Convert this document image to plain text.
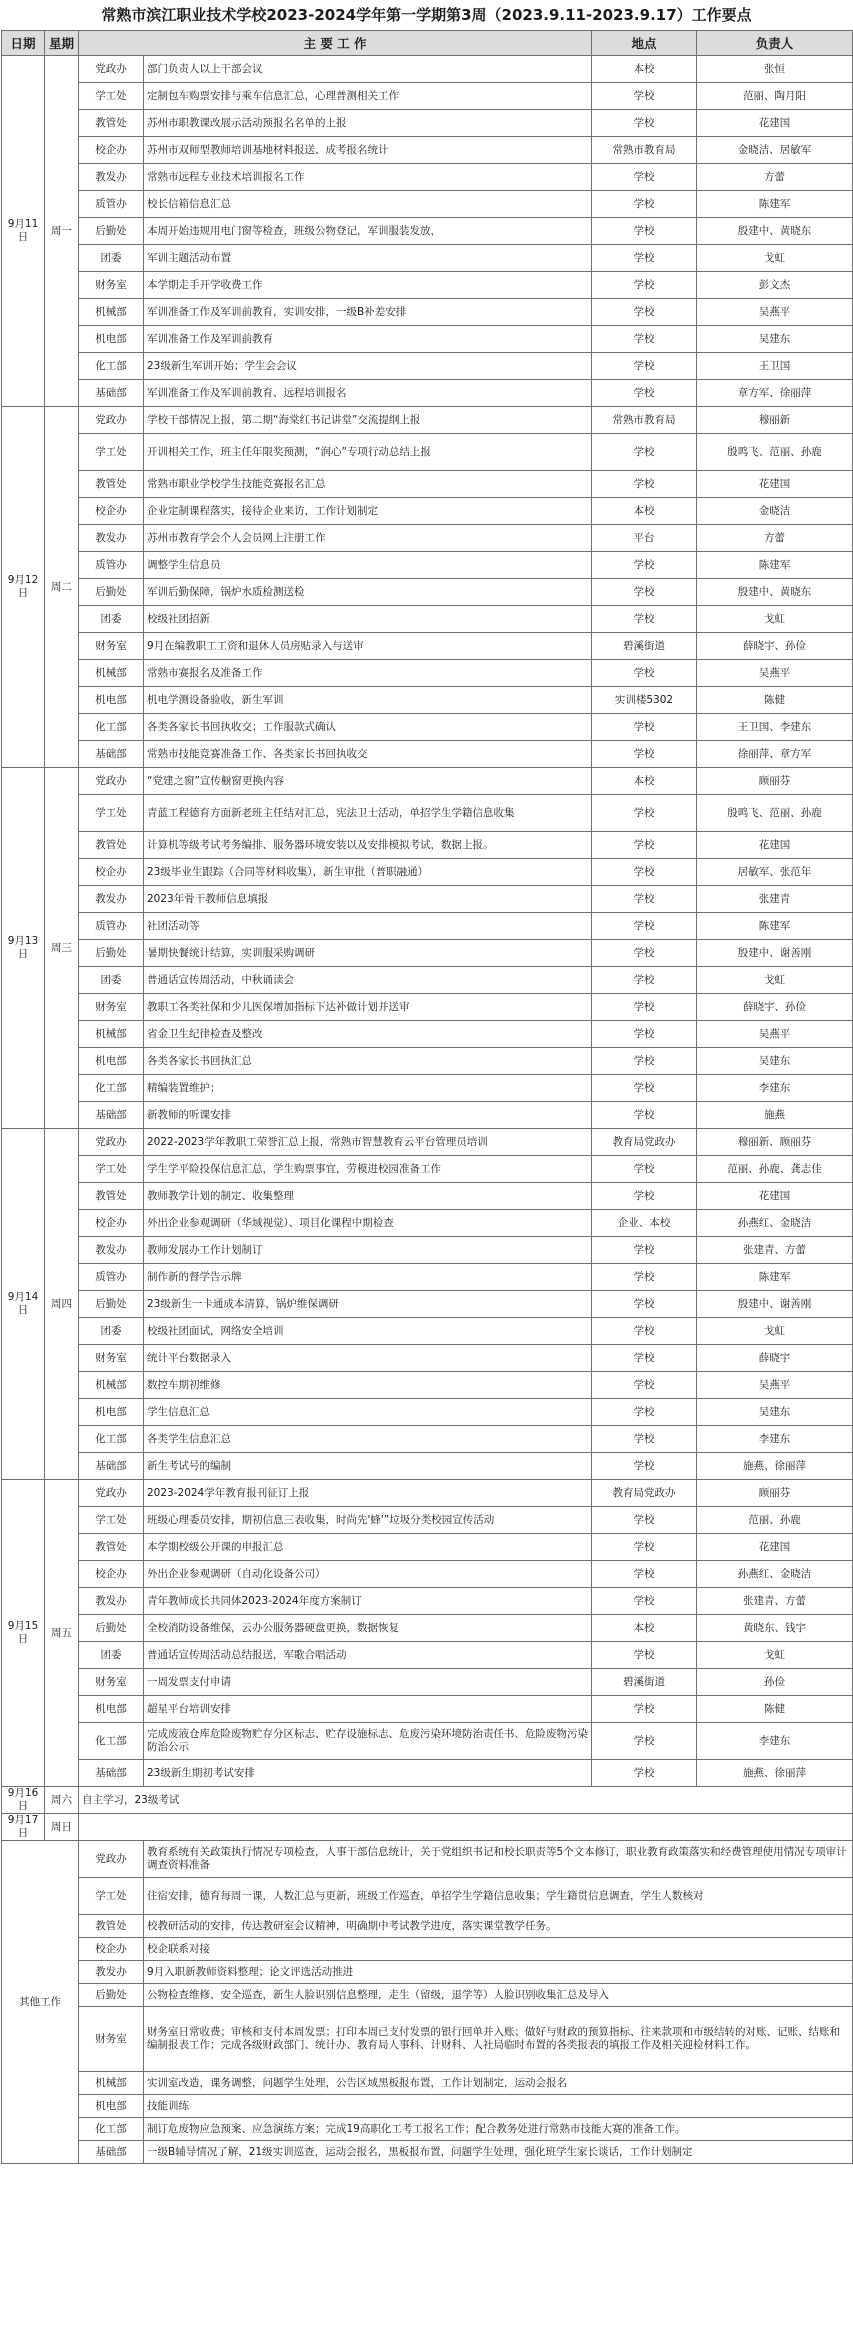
常熟市滨江职业技术学校2023-2024学年第一学期第3周（2023.9.11-2023.9.17）工作要点
日期	星期	主 要 工 作		地点	负责人
9月11日	周一	党政办	部门负责人以上干部会议	本校	张恒
		学工处	定制包车购票安排与乘车信息汇总，心理普测相关工作	学校	范丽、陶月阳
		教管处	苏州市职教课改展示活动预报名名单的上报	学校	花建国
		校企办	苏州市双师型教师培训基地材料报送、成考报名统计	常熟市教育局	金晓洁、居敏军
		教发办	常熟市远程专业技术培训报名工作	学校	方蕾
		质管办	校长信箱信息汇总	学校	陈建军
		后勤处	本周开始违规用电门窗等检查，班级公物登记，军训服装发放，	学校	殷建中、黄晓东
		团委	军训主题活动布置	学校	戈虹
		财务室	本学期走手开学收费工作	学校	彭文杰
		机械部	军训准备工作及军训前教育，实训安排，一级B补差安排	学校	吴燕平
		机电部	军训准备工作及军训前教育	学校	吴建东
		化工部	23级新生军训开始；学生会会议	学校	王卫国
		基础部	军训准备工作及军训前教育、远程培训报名	学校	章方军、徐丽萍
9月12日	周二	党政办	学校干部情况上报，第二期“海棠红书记讲堂”交流提纲上报	常熟市教育局	穆丽新
		学工处	开训相关工作，班主任年限奖预测，“润心”专项行动总结上报	学校	殷鸣飞、范丽、孙鹿
		教管处	常熟市职业学校学生技能竞赛报名汇总	学校	花建国
		校企办	企业定制课程落实，接待企业来访，工作计划制定	本校	金晓洁
		教发办	苏州市教育学会个人会员网上注册工作	平台	方蕾
		质管办	调整学生信息员	学校	陈建军
		后勤处	军训后勤保障，锅炉水质检测送检	学校	殷建中、黄晓东
		团委	校级社团招新	学校	戈虹
		财务室	9月在编教职工工资和退休人员房贴录入与送审	碧溪街道	薛晓宇、孙俭
		机械部	常熟市赛报名及准备工作	学校	吴燕平
		机电部	机电学测设备验收，新生军训	实训楼5302	陈健
		化工部	各类各家长书回执收交；工作服款式确认	学校	王卫国、李建东
		基础部	常熟市技能竞赛准备工作、各类家长书回执收交	学校	徐丽萍、章方军
9月13日	周三	党政办	“党建之窗”宣传橱窗更换内容	本校	顾丽芬
		学工处	青蓝工程德育方面新老班主任结对汇总，宪法卫士活动，单招学生学籍信息收集	学校	殷鸣飞、范丽、孙鹿
		教管处	计算机等级考试考务编排、服务器环境安装以及安排模拟考试，数据上报。	学校	花建国
		校企办	23级毕业生跟踪（合同等材料收集），新生审批（普职融通）	学校	居敏军、张范年
		教发办	2023年骨干教师信息填报	学校	张建青
		质管办	社团活动等	学校	陈建军
		后勤处	暑期快餐统计结算，实训服采购调研	学校	殷建中、谢善刚
		团委	普通话宣传周活动，中秋诵读会	学校	戈虹
		财务室	教职工各类社保和少儿医保增加指标下达补做计划并送审	学校	薛晓宇、孙俭
		机械部	省金卫生纪律检查及整改	学校	吴燕平
		机电部	各类各家长书回执汇总	学校	吴建东
		化工部	精编装置维护；	学校	李建东
		基础部	新教师的听课安排	学校	施燕
9月14日	周四	党政办	2022-2023学年教职工荣誉汇总上报，常熟市智慧教育云平台管理员培训	教育局党政办	穆丽新、顾丽芬
		学工处	学生学平险投保信息汇总，学生购票事宜，劳模进校园准备工作	学校	范丽、孙鹿、龚志佳
		教管处	教师教学计划的制定、收集整理	学校	花建国
		校企办	外出企业参观调研（华域视觉）、项目化课程中期检查	企业、本校	孙燕红、金晓洁
		教发办	教师发展办工作计划制订	学校	张建青、方蕾
		质管办	制作新的督学告示牌	学校	陈建军
		后勤处	23级新生一卡通成本清算，锅炉维保调研	学校	殷建中、谢善刚
		团委	校级社团面试，网络安全培训	学校	戈虹
		财务室	统计平台数据录入	学校	薛晓宇
		机械部	数控车期初维修	学校	吴燕平
		机电部	学生信息汇总	学校	吴建东
		化工部	各类学生信息汇总	学校	李建东
		基础部	新生考试号的编制	学校	施燕、徐丽萍
9月15日	周五	党政办	2023-2024学年教育报刊征订上报	教育局党政办	顾丽芬
		学工处	班级心理委员安排，期初信息三表收集，时尚先'蜂'”垃圾分类校园宣传活动	学校	范丽、孙鹿
		教管处	本学期校级公开课的申报汇总	学校	花建国
		校企办	外出企业参观调研（自动化设备公司）	学校	孙燕红、金晓洁
		教发办	青年教师成长共同体2023-2024年度方案制订	学校	张建青、方蕾
		后勤处	全校消防设备维保，云办公服务器硬盘更换，数据恢复	本校	黄晓东、钱宇
		团委	普通话宣传周活动总结报送，军歌合唱活动	学校	戈虹
		财务室	一周发票支付申请	碧溪街道	孙俭
		机电部	超星平台培训安排	学校	陈健
		化工部	完成废液仓库危险废物贮存分区标志、贮存设施标志、危废污染环境防治责任书、危险废物污染防治公示	学校	李建东
		基础部	23级新生期初考试安排	学校	施燕、徐丽萍
9月16日	周六	自主学习，23级考试			
9月17日	周日				
其他工作		党政办	教育系统有关政策执行情况专项检查，人事干部信息统计，关于党组织书记和校长职责等5个文本修订，职业教育政策落实和经费管理使用情况专项审计调查资料准备		
		学工处	住宿安排，德育每周一课，人数汇总与更新，班级工作巡查，单招学生学籍信息收集；学生籍贯信息调查，学生人数核对		
		教管处	校教研活动的安排，传达教研室会议精神，明确期中考试教学进度，落实课堂教学任务。		
		校企办	校企联系对接		
		教发办	9月入职新教师资料整理；论文评选活动推进		
		后勤处	公物检查维修、安全巡查，新生人脸识别信息整理，走生（留级，退学等）人脸识别收集汇总及导入		
		财务室	财务室日常收费；审核和支付本周发票；打印本周已支付发票的银行回单并入账；做好与财政的预算指标、往来款项和市级结转的对账、记账、结账和编制报表工作；完成各级财政部门、统计办、教育局人事科、计财科、人社局临时布置的各类报表的填报工作及相关迎检材料工作。		
		机械部	实训室改造，课务调整，问题学生处理，公告区域黑板报布置，工作计划制定，运动会报名		
		机电部	技能训练		
		化工部	制订危废物应急预案、应急演练方案；完成19高职化工考工报名工作；配合教务处进行常熟市技能大赛的准备工作。		
		基础部	一级B辅导情况了解，21级实训巡查，运动会报名，黑板报布置，问题学生处理，强化班学生家长谈话，工作计划制定		
